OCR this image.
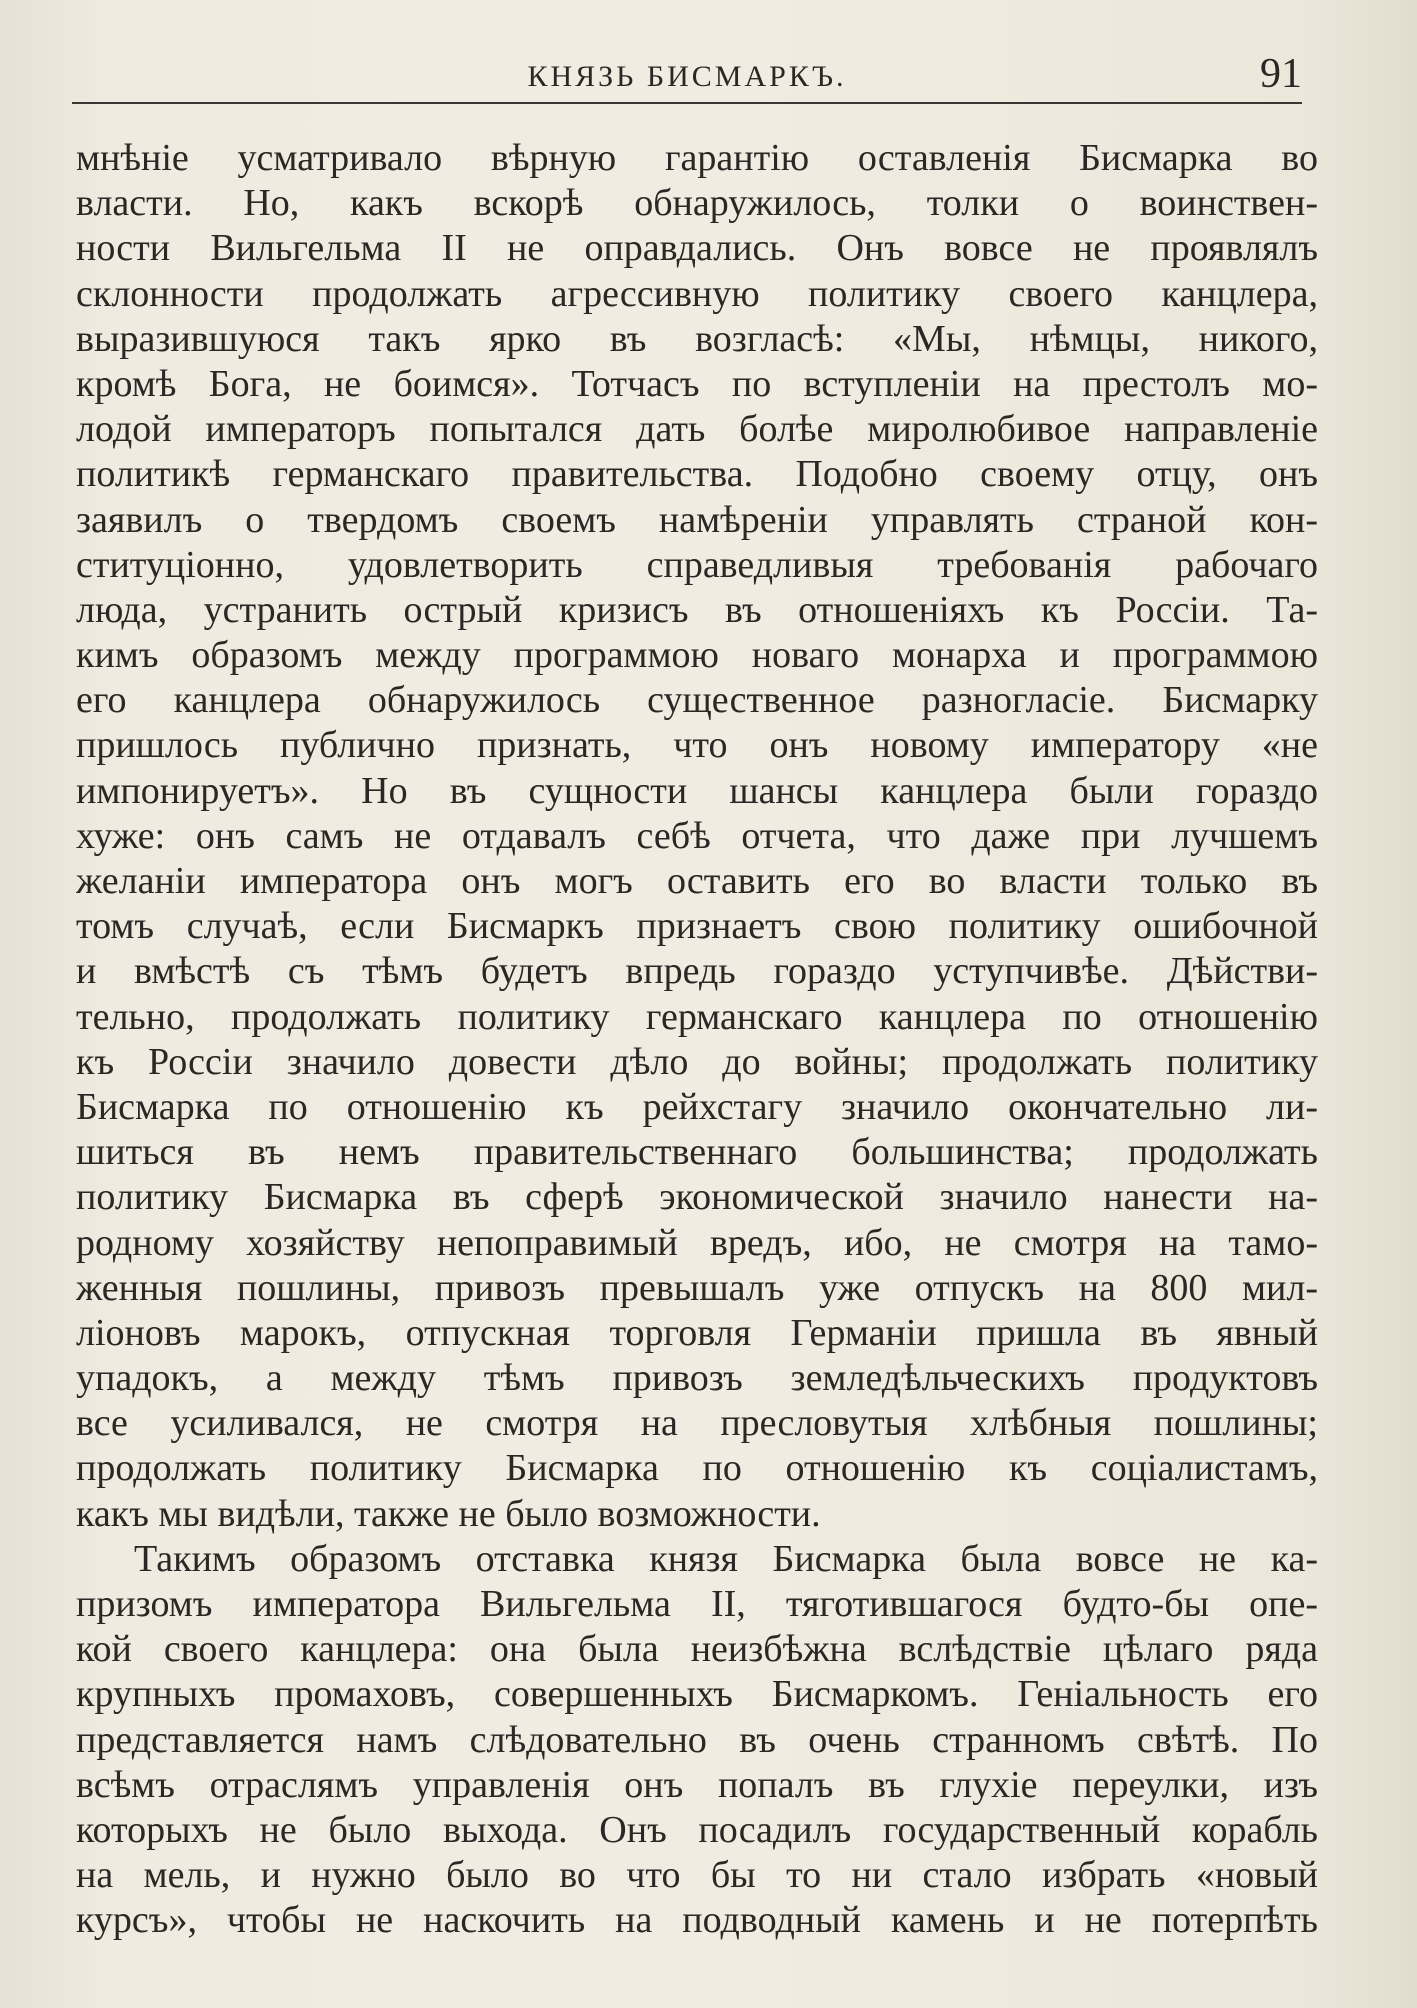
КНЯЗЬ БИСМАРКЪ.	91
мнѣніе усматривало вѣрную гарантію оставленія Бисмарка во
власти. Но, какъ вскорѣ обнаружилось, толки о воинствен-
ности Вильгельма II не оправдались. Онъ вовсе не проявлялъ
склонности продолжать агрессивную политику своего канцлера,
выразившуюся такъ ярко въ возгласѣ: «Мы, нѣмцы, никого,
кромѣ Бога, не боимся». Тотчасъ по вступленіи на престолъ мо-
лодой императоръ попытался дать болѣе миролюбивое направленіе
политикѣ германскаго правительства. Подобно своему отцу, онъ
заявилъ о твердомъ своемъ намѣреніи управлять страной кон-
ституціонно, удовлетворить справедливыя требованія рабочаго
люда, устранить острый кризисъ въ отношеніяхъ къ Россіи. Та-
кимъ образомъ между программою новаго монарха и программою
его канцлера обнаружилось существенное разногласіе. Бисмарку
пришлось публично признать, что онъ новому императору «не
импонируетъ». Но въ сущности шансы канцлера были гораздо
хуже: онъ самъ не отдавалъ себѣ отчета, что даже при лучшемъ
желаніи императора онъ могъ оставить его во власти только въ
томъ случаѣ, если Бисмаркъ признаетъ свою политику ошибочной
и вмѣстѣ съ тѣмъ будетъ впредь гораздо уступчивѣе. Дѣйстви-
тельно, продолжать политику германскаго канцлера по отношенію
къ Россіи значило довести дѣло до войны; продолжать политику
Бисмарка по отношенію къ рейхстагу значило окончательно ли-
шиться въ немъ правительственнаго большинства; продолжать
политику Бисмарка въ сферѣ экономической значило нанести на-
родному хозяйству непоправимый вредъ, ибо, не смотря на тамо-
женныя пошлины, привозъ превышалъ уже отпускъ на 800 мил-
ліоновъ марокъ, отпускная торговля Германіи пришла въ явный
упадокъ, а между тѣмъ привозъ земледѣльческихъ продуктовъ
все усиливался, не смотря на пресловутыя хлѣбныя пошлины;
продолжать политику Бисмарка по отношенію къ соціалистамъ,
какъ мы видѣли, также не было возможности.
Такимъ образомъ отставка князя Бисмарка была вовсе не ка-
призомъ императора Вильгельма II, тяготившагося будто-бы опе-
кой своего канцлера: она была неизбѣжна вслѣдствіе цѣлаго ряда
крупныхъ промаховъ, совершенныхъ Бисмаркомъ. Геніальность его
представляется намъ слѣдовательно въ очень странномъ свѣтѣ. По
всѣмъ отраслямъ управленія онъ попалъ въ глухіе переулки, изъ
которыхъ не было выхода. Онъ посадилъ государственный корабль
на мель, и нужно было во что бы то ни стало избрать «новый
курсъ», чтобы не наскочить на подводный камень и не потерпѣть
